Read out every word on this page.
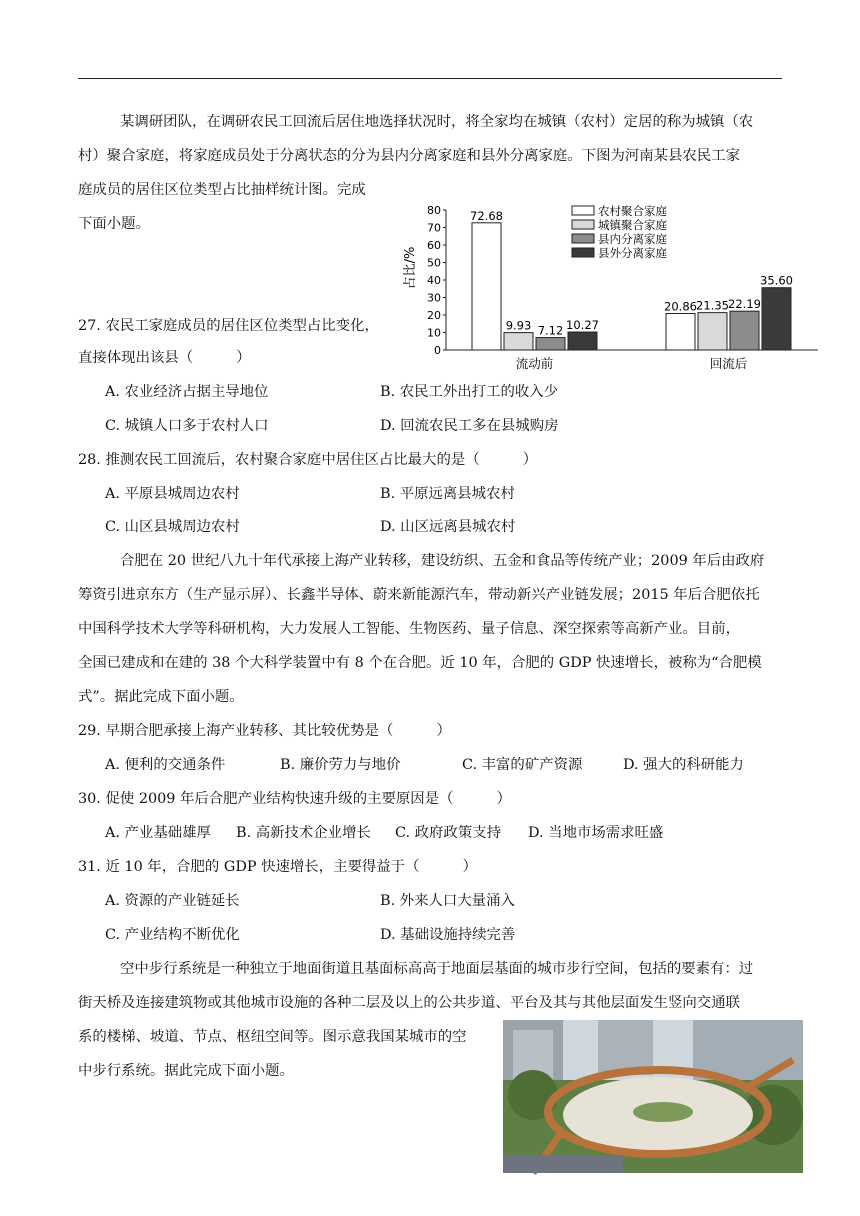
某调研团队，在调研农民工回流后居住地选择状况时，将全家均在城镇（农村）定居的称为城镇（农
村）聚合家庭，将家庭成员处于分离状态的分为县内分离家庭和县外分离家庭。下图为河南某县农民工家
庭成员的居住区位类型占比抽样统计图。完成
下面小题。
0
10
20
30
40
50
60
70
80
占比/%
72.68
9.93 7.12 10.27
20.86 21.35 22.19
35.60
流动前	回流后
农村聚合家庭
城镇聚合家庭
县内分离家庭
县外分离家庭
27. 农民工家庭成员的居住区位类型占比变化，
直接体现出该县（　　　）
A. 农业经济占据主导地位	B. 农民工外出打工的收入少
C. 城镇人口多于农村人口	D. 回流农民工多在县城购房
28. 推测农民工回流后，农村聚合家庭中居住区占比最大的是（　　　）
A. 平原县城周边农村	B. 平原远离县城农村
C. 山区县城周边农村	D. 山区远离县城农村
合肥在 20 世纪八九十年代承接上海产业转移，建设纺织、五金和食品等传统产业；2009 年后由政府
筹资引进京东方（生产显示屏）、长鑫半导体、蔚来新能源汽车，带动新兴产业链发展；2015 年后合肥依托
中国科学技术大学等科研机构，大力发展人工智能、生物医药、量子信息、深空探索等高新产业。目前，
全国已建成和在建的 38 个大科学装置中有 8 个在合肥。近 10 年，合肥的 GDP 快速增长，被称为“合肥模
式”。据此完成下面小题。
29. 早期合肥承接上海产业转移、其比较优势是（　　　）
A. 便利的交通条件	B. 廉价劳力与地价	C. 丰富的矿产资源	D. 强大的科研能力
30. 促使 2009 年后合肥产业结构快速升级的主要原因是（　　　）
A. 产业基础雄厚 B. 高新技术企业增长 C. 政府政策支持 D. 当地市场需求旺盛
31. 近 10 年，合肥的 GDP 快速增长，主要得益于（　　　）
A. 资源的产业链延长	B. 外来人口大量涌入
C. 产业结构不断优化	D. 基础设施持续完善
空中步行系统是一种独立于地面街道且基面标高高于地面层基面的城市步行空间，包括的要素有：过
街天桥及连接建筑物或其他城市设施的各种二层及以上的公共步道、平台及其与其他层面发生竖向交通联
系的楼梯、坡道、节点、枢纽空间等。图示意我国某城市的空
中步行系统。据此完成下面小题。
